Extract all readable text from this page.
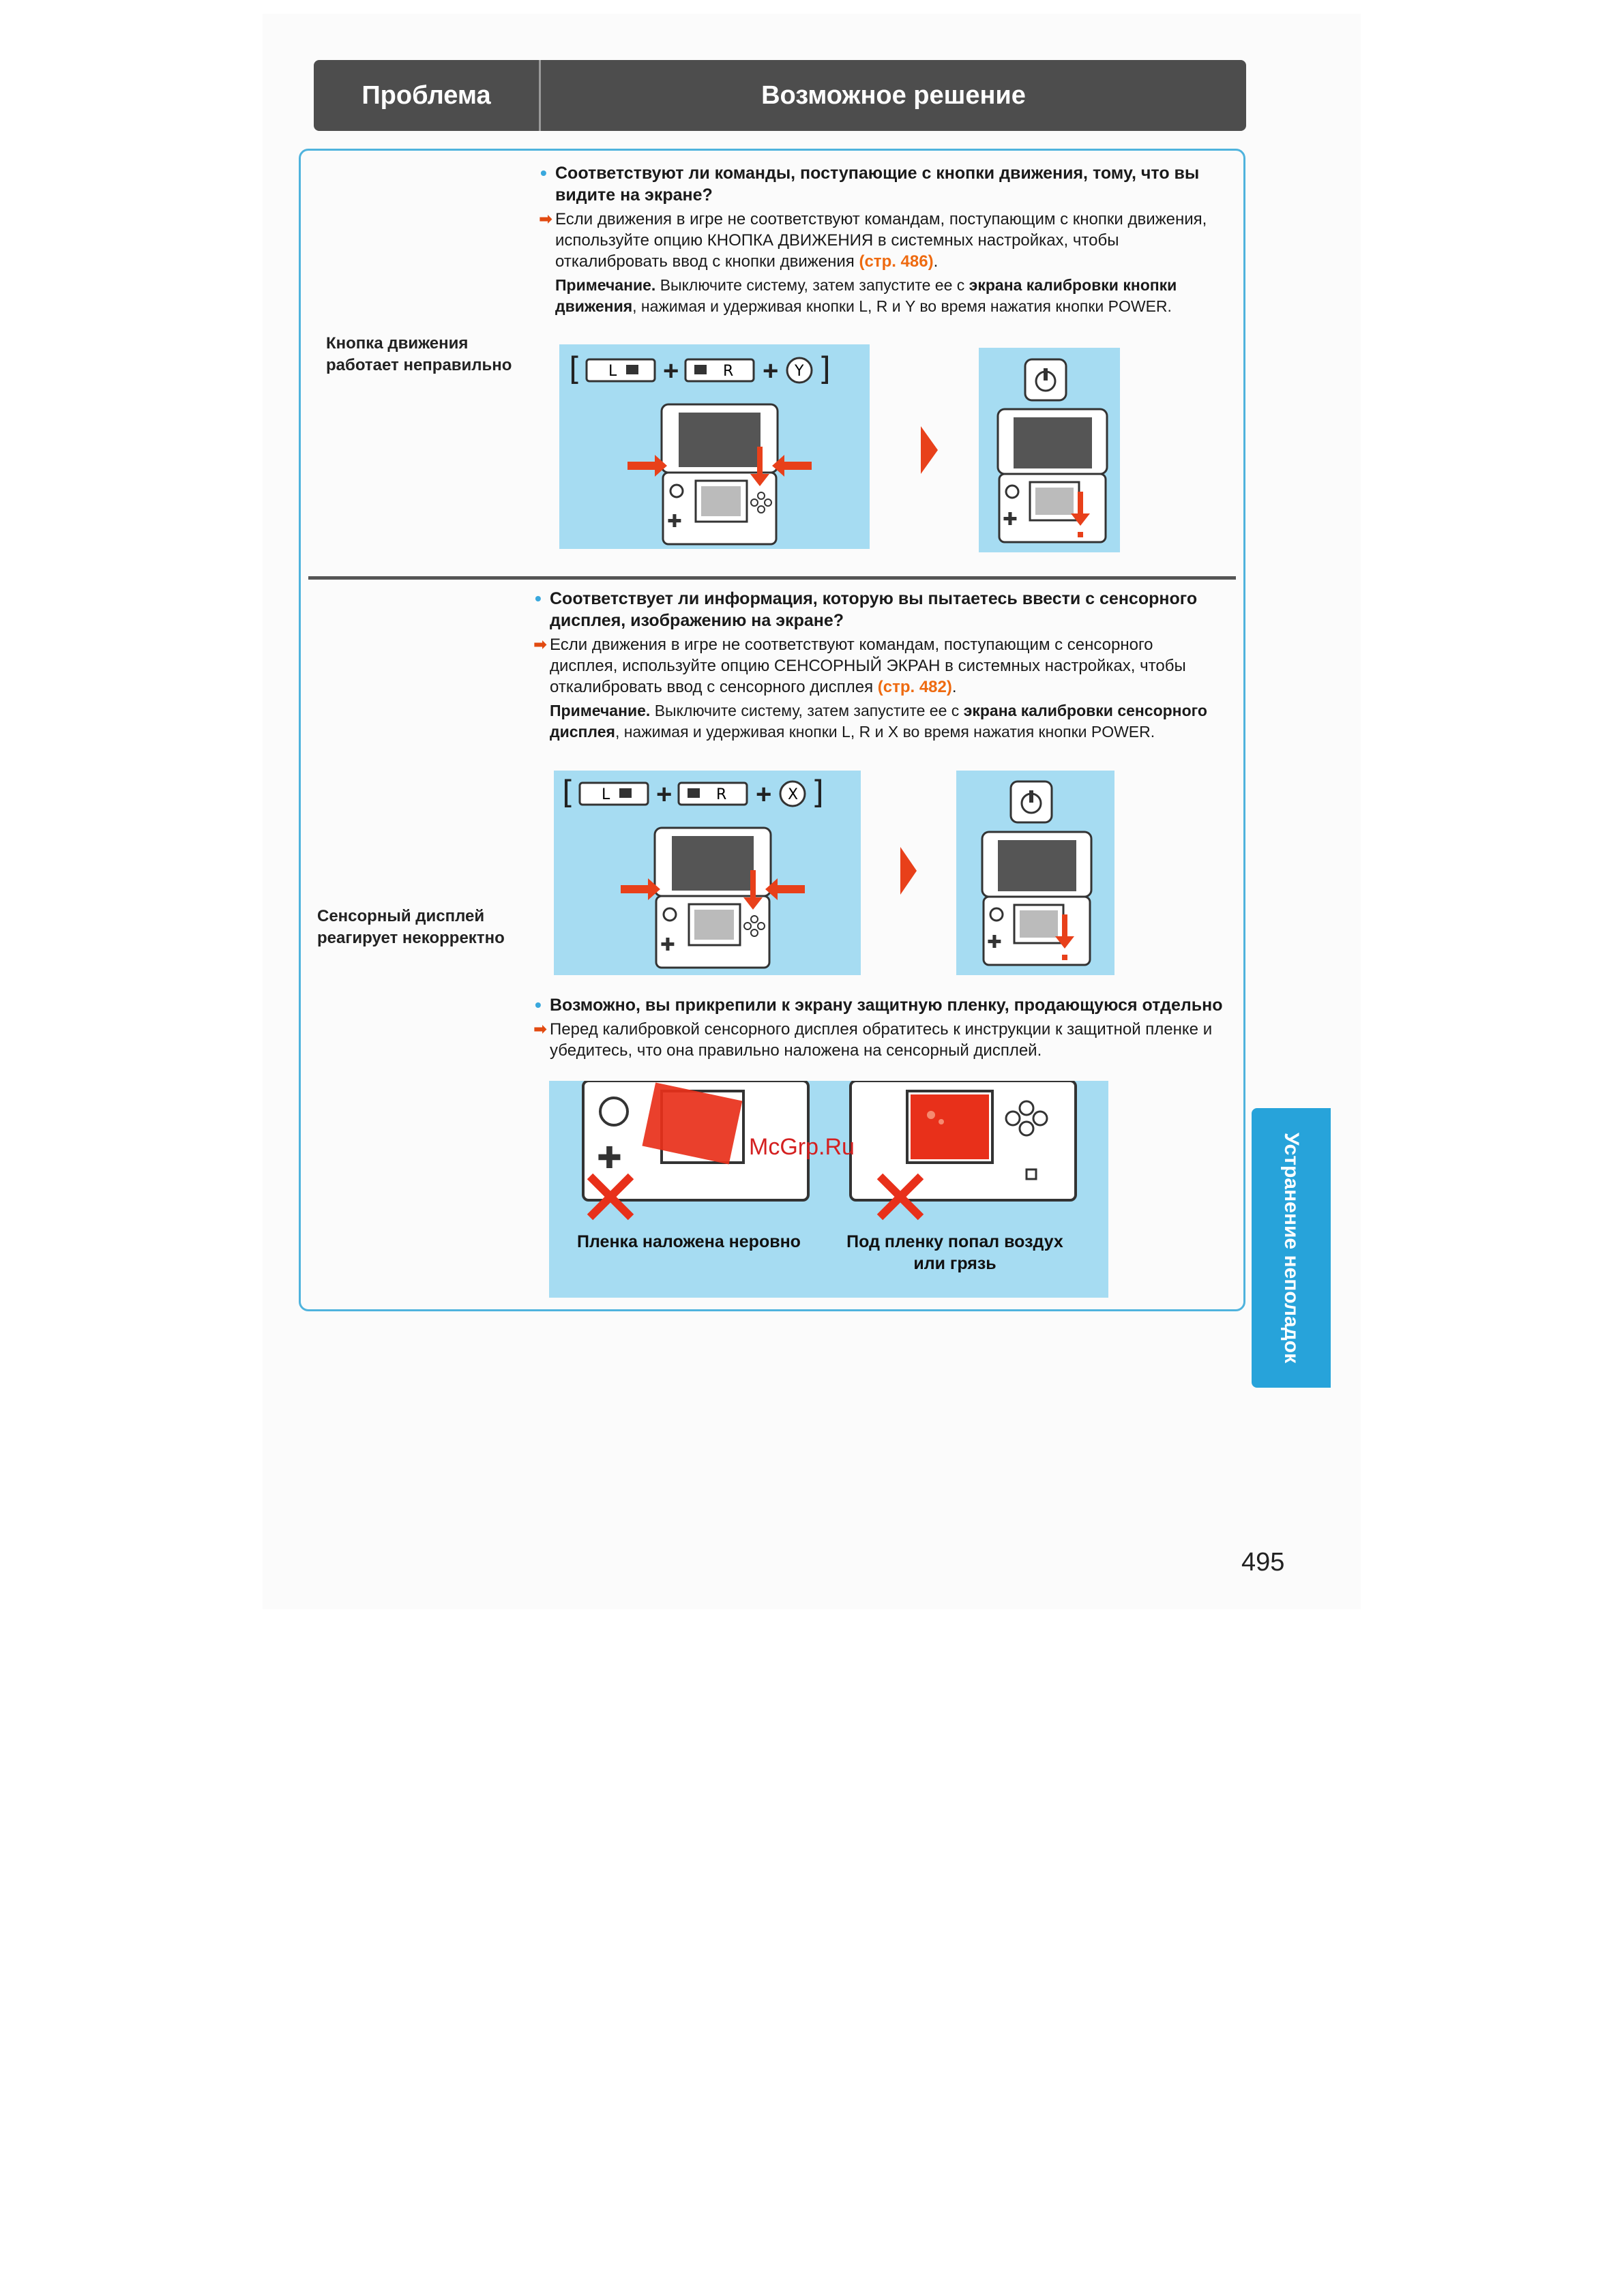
Проблема	Возможное решение
Кнопка движения работает неправильно
• Соответствуют ли команды, поступающие с кнопки движения, тому, что вы видите на экране?
➡ Если движения в игре не соответствуют командам, поступающим с кнопки движения, используйте опцию КНОПКА ДВИЖЕНИЯ в системных настройках, чтобы откалибровать ввод с кнопки движения (стр. 486).
Примечание. Выключите систему, затем запустите ее с экрана калибровки кнопки движения, нажимая и удерживая кнопки L, R и Y во время нажатия кнопки POWER.
[ L +	R + Y ]
✚	✚
Сенсорный дисплей реагирует некорректно
• Соответствует ли информация, которую вы пытаетесь ввести с сенсорного дисплея, изображению на экране?
➡ Если движения в игре не соответствуют командам, поступающим с сенсорного дисплея, используйте опцию СЕНСОРНЫЙ ЭКРАН в системных настройках, чтобы откалибровать ввод с сенсорного дисплея (стр. 482).
Примечание. Выключите систему, затем запустите ее с экрана калибровки сенсорного дисплея, нажимая и удерживая кнопки L, R и X во время нажатия кнопки POWER.
[ L +	R + X ]
✚	✚
• Возможно, вы прикрепили к экрану защитную пленку, продающуюся отдельно
➡ Перед калибровкой сенсорного дисплея обратитесь к инструкции к защитной пленке и убедитесь, что она правильно наложена на сенсорный дисплей.
✚
Пленка наложена неровно	Под пленку попал воздух или грязь
McGrp.Ru	Устранение неполадок
495
